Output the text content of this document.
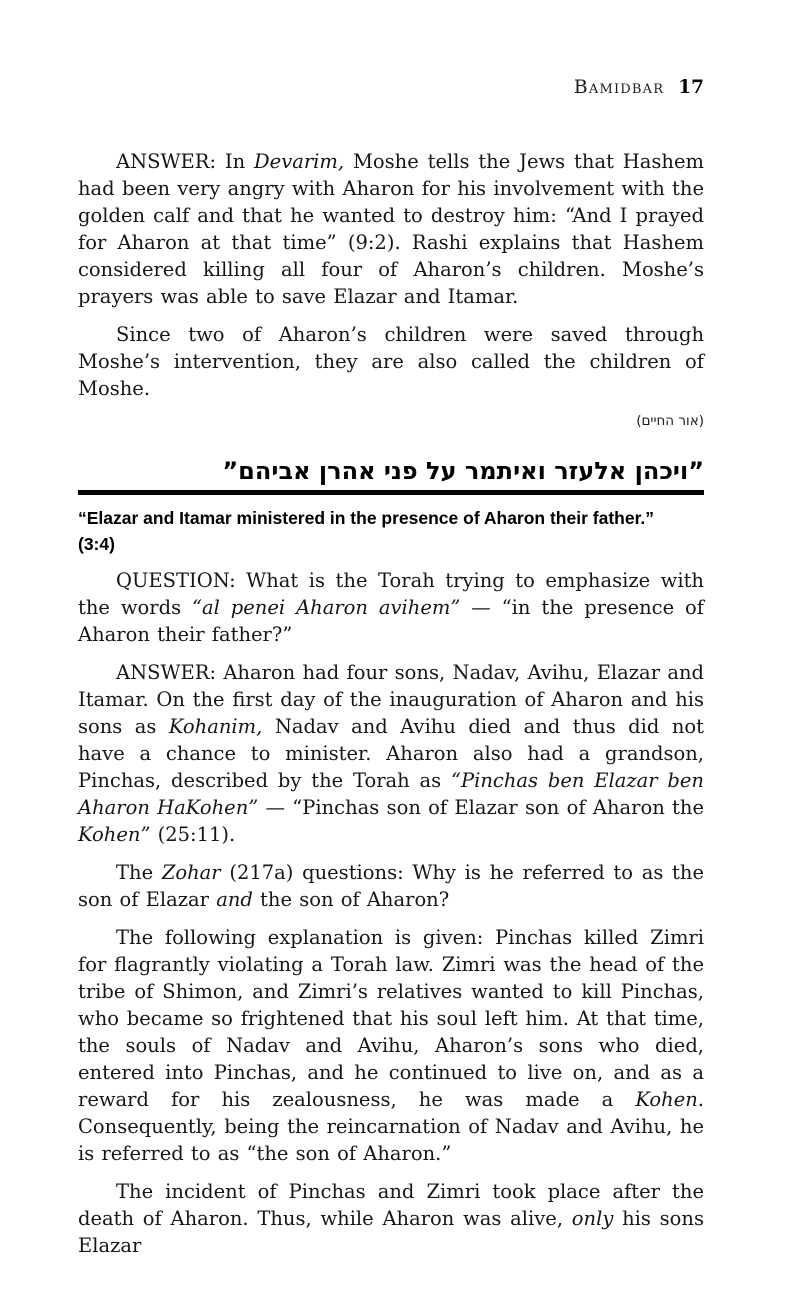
Bamidbar 17

ANSWER: In Devarim, Moshe tells the Jews that Hashem had been very angry with Aharon for his involvement with the golden calf and that he wanted to destroy him: “And I prayed for Aharon at that time” (9:2). Rashi explains that Hashem considered killing all four of Aharon’s children. Moshe’s prayers was able to save Elazar and Itamar.

Since two of Aharon’s children were saved through Moshe’s intervention, they are also called the children of Moshe.

(אור החיים)

”ויכהן אלעזר ואיתמר על פני אהרן אביהם”
“Elazar and Itamar ministered in the presence of Aharon their father.” (3:4)

QUESTION: What is the Torah trying to emphasize with the words “al penei Aharon avihem” — “in the presence of Aharon their father?”

ANSWER: Aharon had four sons, Nadav, Avihu, Elazar and Itamar. On the first day of the inauguration of Aharon and his sons as Kohanim, Nadav and Avihu died and thus did not have a chance to minister. Aharon also had a grandson, Pinchas, described by the Torah as “Pinchas ben Elazar ben Aharon HaKohen” — “Pinchas son of Elazar son of Aharon the Kohen” (25:11).

The Zohar (217a) questions: Why is he referred to as the son of Elazar and the son of Aharon?

The following explanation is given: Pinchas killed Zimri for flagrantly violating a Torah law. Zimri was the head of the tribe of Shimon, and Zimri’s relatives wanted to kill Pinchas, who became so frightened that his soul left him. At that time, the souls of Nadav and Avihu, Aharon’s sons who died, entered into Pinchas, and he continued to live on, and as a reward for his zealousness, he was made a Kohen. Consequently, being the reincarnation of Nadav and Avihu, he is referred to as “the son of Aharon.”

The incident of Pinchas and Zimri took place after the death of Aharon. Thus, while Aharon was alive, only his sons Elazar
